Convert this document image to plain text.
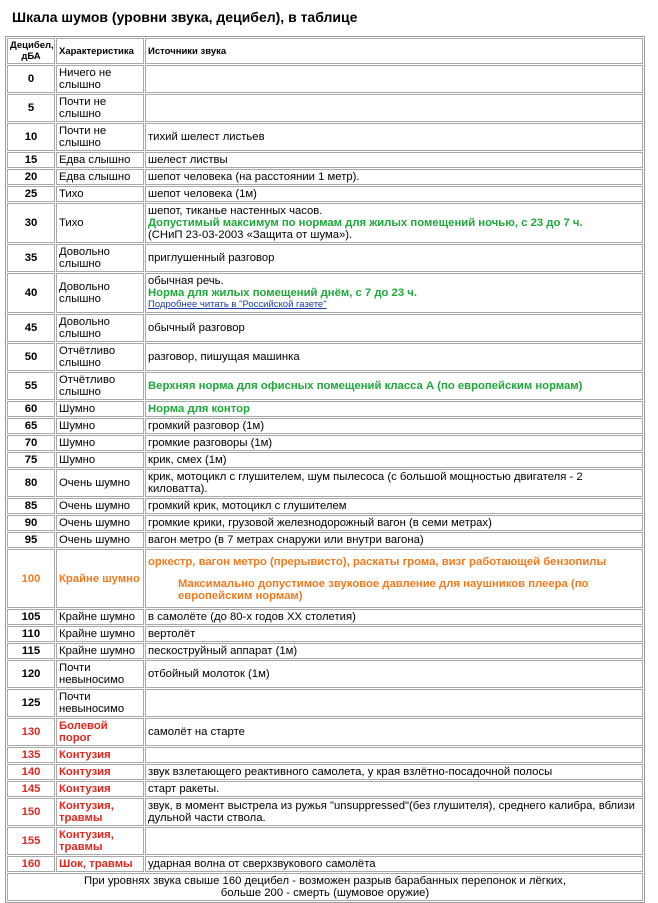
Шкала шумов (уровни звука, децибел), в таблице
Децибел, дБА	Характеристика	Источники звука
0	Ничего не слышно	
5	Почти не слышно	
10	Почти не слышно	тихий шелест листьев

15	Едва слышно	шелест листвы

20	Едва слышно	шепот человека (на расстоянии 1 метр).

25	Тихо	шепот человека (1м)

30	Тихо	шепот, тиканье настенных часов.
Допустимый максимум по нормам для жилых помещений ночью, с 23 до 7 ч.
(СНиП 23-03-2003 «Защита от шума»).

35	Довольно слышно	приглушенный разговор

40	Довольно слышно	обычная речь.
Норма для жилых помещений днём, с 7 до 23 ч.
Подробнее читать в "Российской газете"

45	Довольно слышно	обычный разговор

50	Отчётливо слышно	разговор, пишущая машинка

55	Отчётливо слышно	Верхняя норма для офисных помещений класса А (по европейским нормам)

60	Шумно	Норма для контор

65	Шумно	громкий разговор (1м)

70	Шумно	громкие разговоры (1м)

75	Шумно	крик, смех (1м)

80	Очень шумно	крик, мотоцикл с глушителем, шум пылесоса (с большой мощностью двигателя - 2 киловатта).

85	Очень шумно	громкий крик, мотоцикл с глушителем

90	Очень шумно	громкие крики, грузовой железнодорожный вагон (в семи метрах)

95	Очень шумно	вагон метро (в 7 метрах снаружи или внутри вагона)

100	Крайне шумно	оркестр, вагон метро (прерывисто), раскаты грома, визг работающей бензопилы
Максимально допустимое звуковое давление для наушников плеера (по европейским нормам)

105	Крайне шумно	в самолёте (до 80-х годов XX столетия)

110	Крайне шумно	вертолёт

115	Крайне шумно	пескоструйный аппарат (1м)

120	Почти невыносимо	отбойный молоток (1м)

125	Почти невыносимо	
130	Болевой порог	самолёт на старте

135	Контузия	
140	Контузия	звук взлетающего реактивного самолета, у края взлётно-посадочной полосы

145	Контузия	старт ракеты.

150	Контузия, травмы	звук, в момент выстрела из ружья "unsuppressed"(без глушителя), среднего калибра, вблизи дульной части ствола.

155	Контузия, травмы	
160	Шок, травмы	ударная волна от сверхзвукового самолёта

При уровнях звука свыше 160 децибел - возможен разрыв барабанных перепонок и лёгких,
больше 200 - смерть (шумовое оружие)		
